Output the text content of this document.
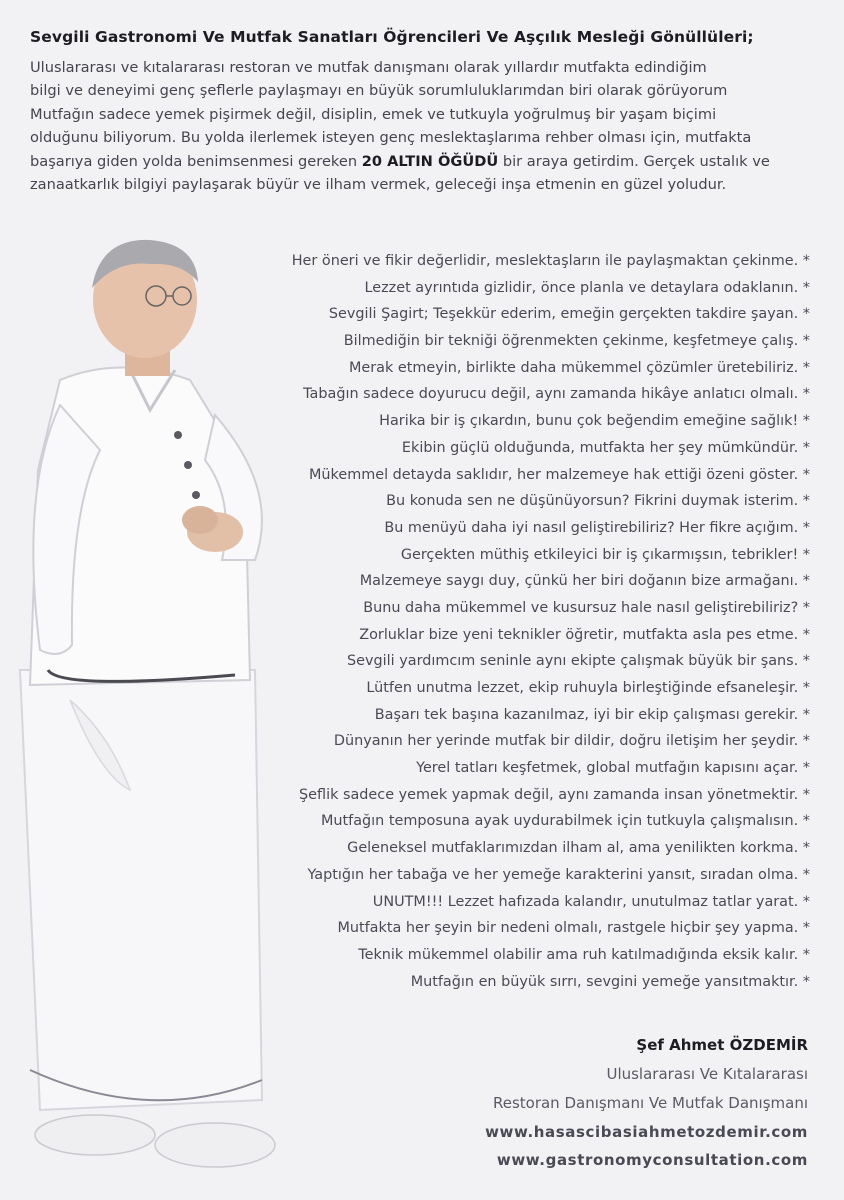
Sevgili Gastronomi Ve Mutfak Sanatları Öğrencileri Ve Aşçılık Mesleği Gönüllüleri;
Uluslararası ve kıtalararası restoran ve mutfak danışmanı olarak yıllardır mutfakta edindiğim
bilgi ve deneyimi genç şeflerle paylaşmayı en büyük sorumluluklarımdan biri olarak görüyorum
Mutfağın sadece yemek pişirmek değil, disiplin, emek ve tutkuyla yoğrulmuş bir yaşam biçimi
olduğunu biliyorum. Bu yolda ilerlemek isteyen genç meslektaşlarıma rehber olması için, mutfakta
başarıya giden yolda benimsenmesi gereken 20 ALTIN ÖĞÜDÜ bir araya getirdim. Gerçek ustalık ve
zanaatkarlık bilgiyi paylaşarak büyür ve ilham vermek, geleceği inşa etmenin en güzel yoludur.
Her öneri ve fikir değerlidir, meslektaşların ile paylaşmaktan çekinme. *
Lezzet ayrıntıda gizlidir, önce planla ve detaylara odaklanın. *
Sevgili Şagirt; Teşekkür ederim, emeğin gerçekten takdire şayan. *
Bilmediğin bir tekniği öğrenmekten çekinme, keşfetmeye çalış. *
Merak etmeyin, birlikte daha mükemmel çözümler üretebiliriz. *
Tabağın sadece doyurucu değil, aynı zamanda hikâye anlatıcı olmalı. *
Harika bir iş çıkardın, bunu çok beğendim emeğine sağlık! *
Ekibin güçlü olduğunda, mutfakta her şey mümkündür. *
Mükemmel detayda saklıdır, her malzemeye hak ettiği özeni göster. *
Bu konuda sen ne düşünüyorsun? Fikrini duymak isterim. *
Bu menüyü daha iyi nasıl geliştirebiliriz? Her fikre açığım. *
Gerçekten müthiş etkileyici bir iş çıkarmışsın, tebrikler! *
Malzemeye saygı duy, çünkü her biri doğanın bize armağanı. *
Bunu daha mükemmel ve kusursuz hale nasıl geliştirebiliriz? *
Zorluklar bize yeni teknikler öğretir, mutfakta asla pes etme. *
Sevgili yardımcım seninle aynı ekipte çalışmak büyük bir şans. *
Lütfen unutma lezzet, ekip ruhuyla birleştiğinde efsaneleşir. *
Başarı tek başına kazanılmaz, iyi bir ekip çalışması gerekir. *
Dünyanın her yerinde mutfak bir dildir, doğru iletişim her şeydir. *
Yerel tatları keşfetmek, global mutfağın kapısını açar. *
Şeflik sadece yemek yapmak değil, aynı zamanda insan yönetmektir. *
Mutfağın temposuna ayak uydurabilmek için tutkuyla çalışmalısın. *
Geleneksel mutfaklarımızdan ilham al, ama yenilikten korkma. *
Yaptığın her tabağa ve her yemeğe karakterini yansıt, sıradan olma. *
UNUTM!!! Lezzet hafızada kalandır, unutulmaz tatlar yarat. *
Mutfakta her şeyin bir nedeni olmalı, rastgele hiçbir şey yapma. *
Teknik mükemmel olabilir ama ruh katılmadığında eksik kalır. *
Mutfağın en büyük sırrı, sevgini yemeğe yansıtmaktır. *
Şef Ahmet ÖZDEMİR
Uluslararası Ve Kıtalararası
Restoran Danışmanı Ve Mutfak Danışmanı
www.hasascibasiahmetozdemir.com
www.gastronomyconsultation.com
